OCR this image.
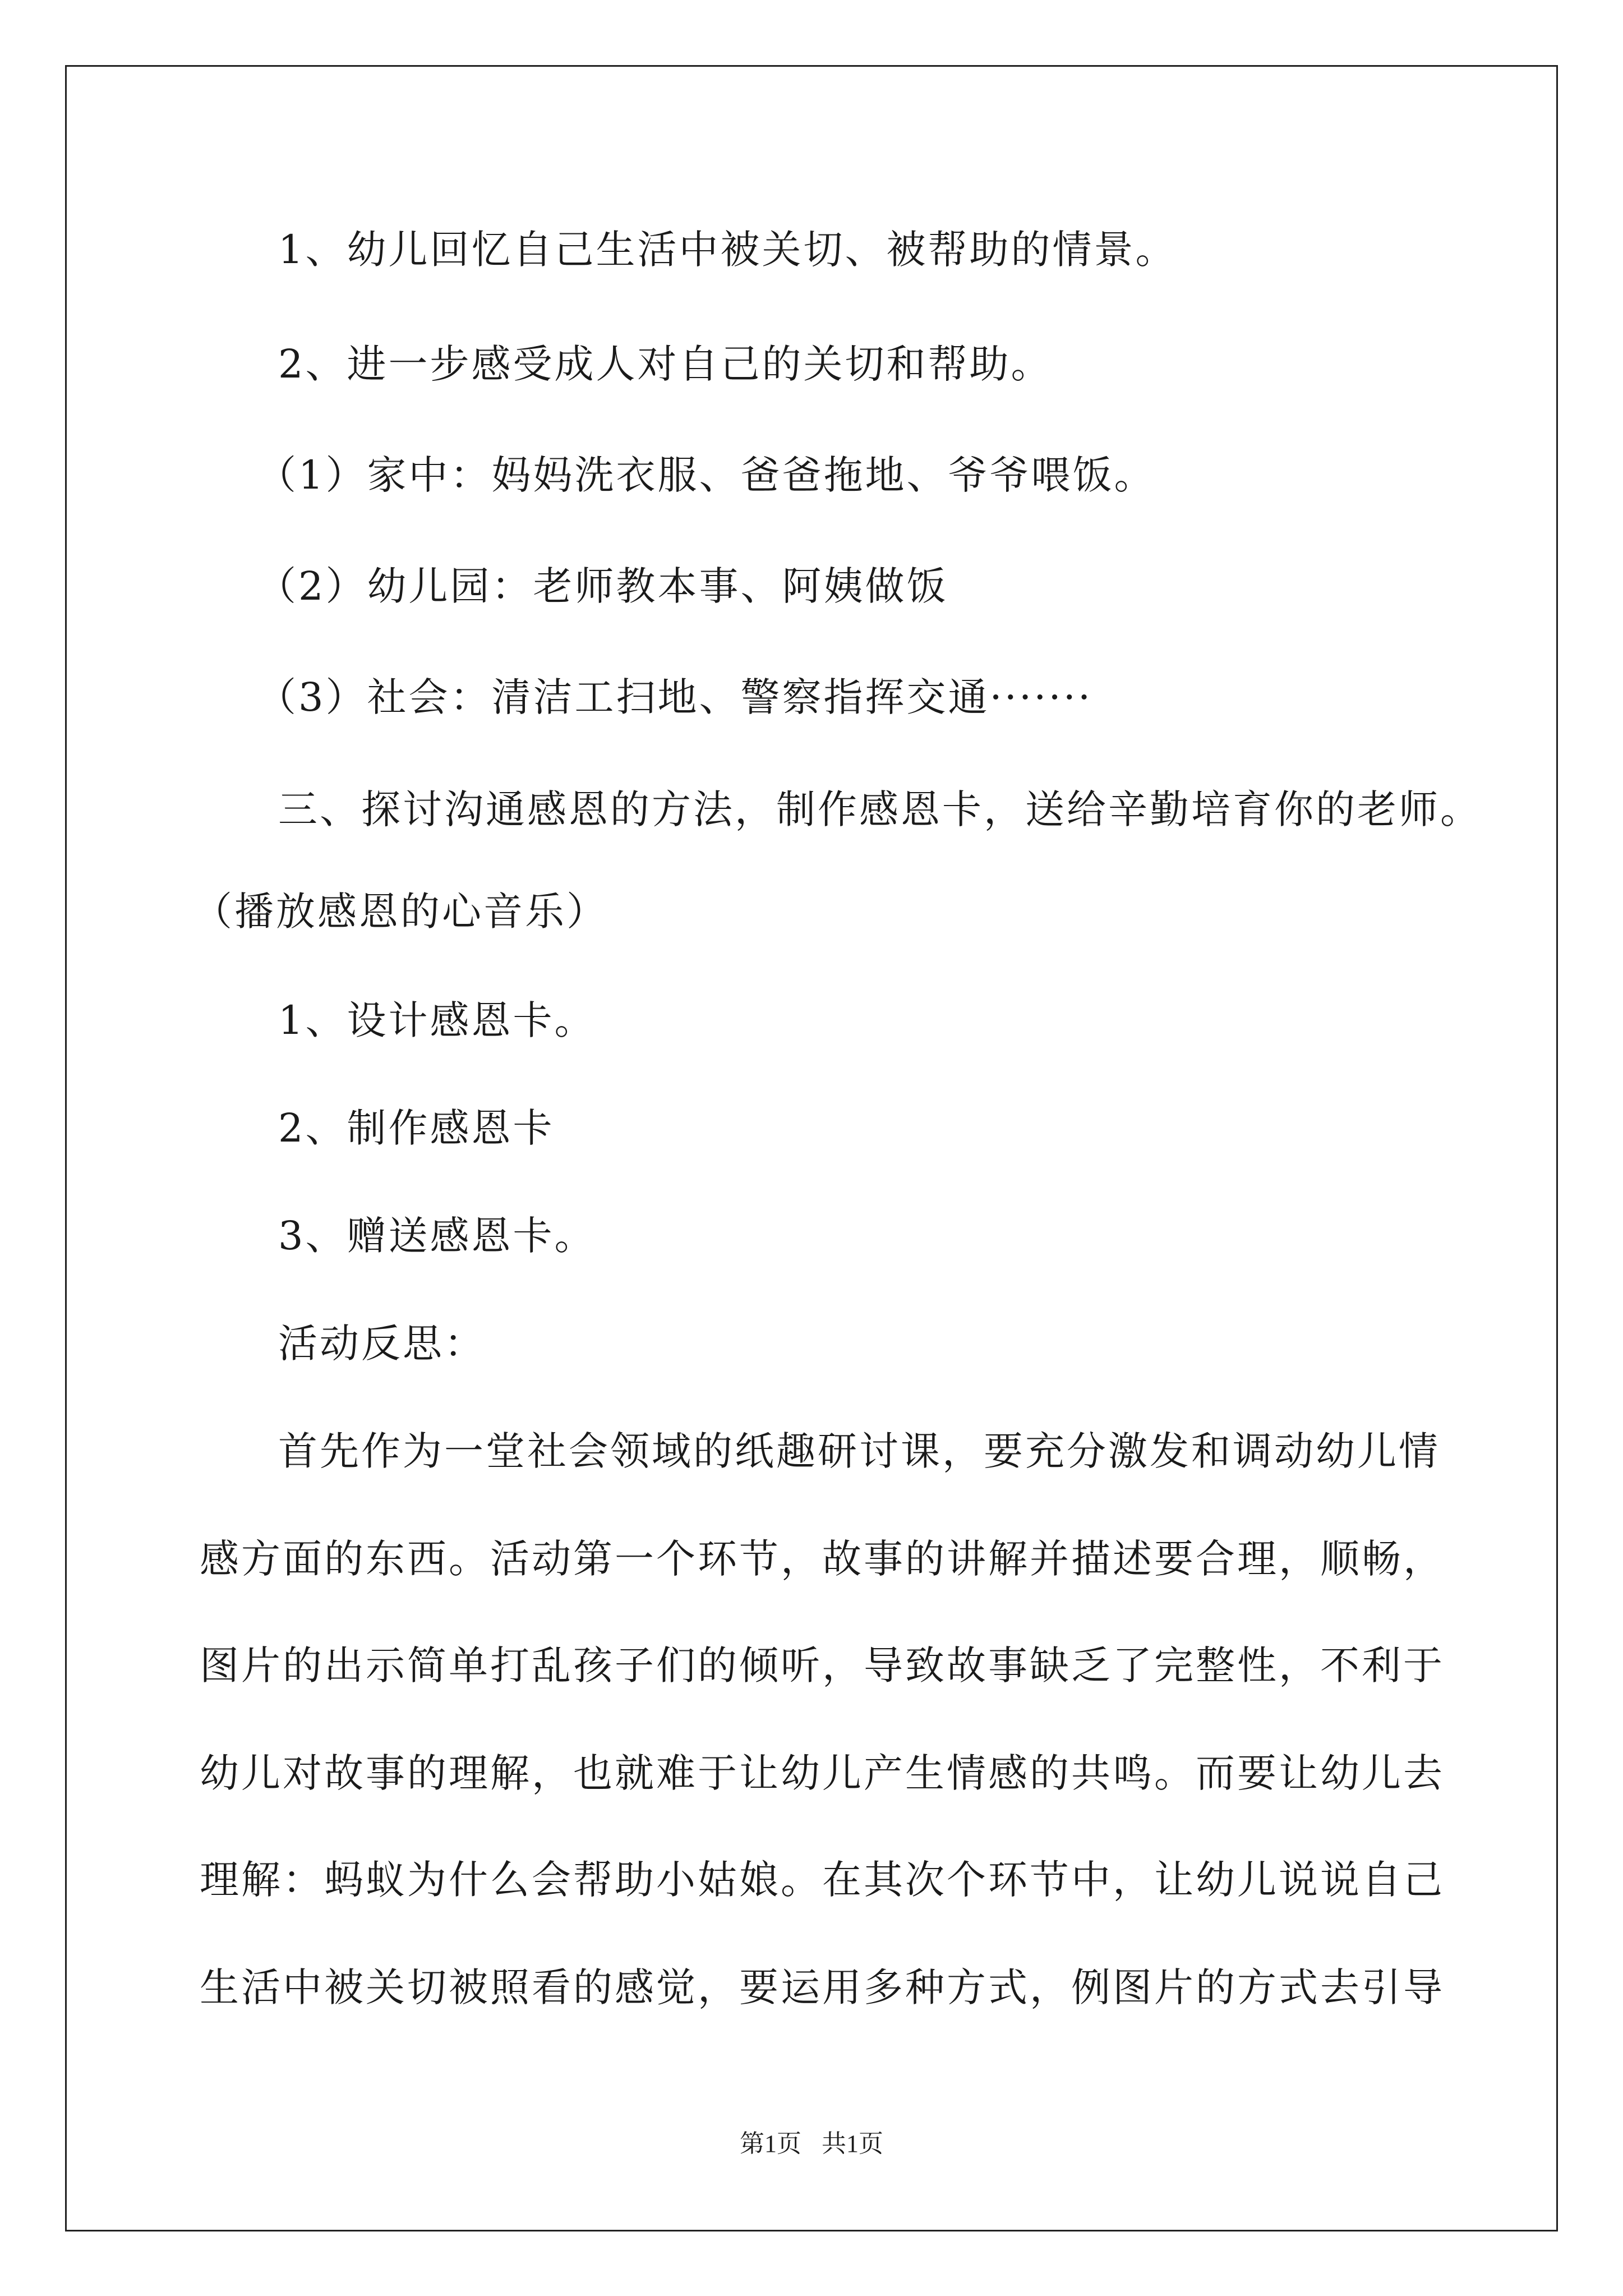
1、幼儿回忆自己生活中被关切、被帮助的情景。
2、进一步感受成人对自己的关切和帮助。
（1）家中：妈妈洗衣服、爸爸拖地、爷爷喂饭。
（2）幼儿园：老师教本事、阿姨做饭
（3）社会：清洁工扫地、警察指挥交通·······
三、探讨沟通感恩的方法，制作感恩卡，送给辛勤培育你的老师。
（播放感恩的心音乐）
1、设计感恩卡。
2、制作感恩卡
3、赠送感恩卡。
活动反思：
首先作为一堂社会领域的纸趣研讨课，要充分激发和调动幼儿情
感方面的东西。活动第一个环节，故事的讲解并描述要合理，顺畅，
图片的出示简单打乱孩子们的倾听，导致故事缺乏了完整性，不利于
幼儿对故事的理解，也就难于让幼儿产生情感的共鸣。而要让幼儿去
理解：蚂蚁为什么会帮助小姑娘。在其次个环节中，让幼儿说说自己
生活中被关切被照看的感觉，要运用多种方式，例图片的方式去引导
第1页 共1页
